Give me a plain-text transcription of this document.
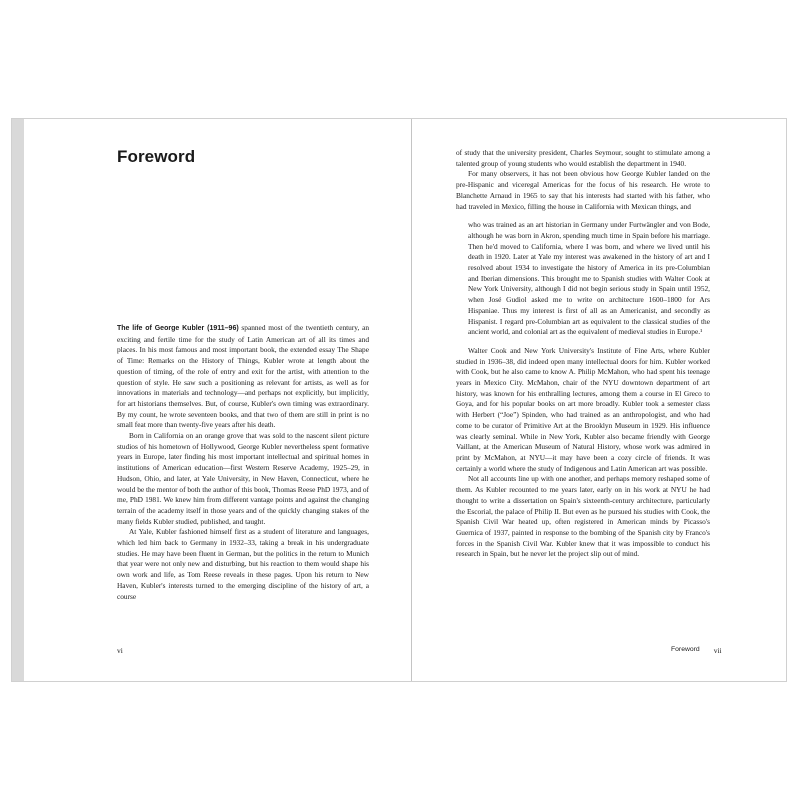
Foreword

The life of George Kubler (1911–96) spanned most of the twentieth century, an exciting and fertile time for the study of Latin American art of all its times and places. In his most famous and most important book, the extended essay The Shape of Time: Remarks on the History of Things, Kubler wrote at length about the question of timing, of the role of entry and exit for the artist, with attention to the question of style. He saw such a positioning as relevant for artists, as well as for innovations in materials and technology—and perhaps not explicitly, but implicitly, for art historians themselves. But, of course, Kubler's own timing was extraordinary. By my count, he wrote seventeen books, and that two of them are still in print is no small feat more than twenty-five years after his death.

Born in California on an orange grove that was sold to the nascent silent picture studios of his hometown of Hollywood, George Kubler nevertheless spent formative years in Europe, later finding his most important intellectual and spiritual homes in institutions of American education—first Western Reserve Academy, 1925–29, in Hudson, Ohio, and later, at Yale University, in New Haven, Connecticut, where he would be the mentor of both the author of this book, Thomas Reese PhD 1973, and of me, PhD 1981. We knew him from different vantage points and against the changing terrain of the academy itself in those years and of the quickly changing stakes of the many fields Kubler studied, published, and taught.

At Yale, Kubler fashioned himself first as a student of literature and languages, which led him back to Germany in 1932–33, taking a break in his undergraduate studies. He may have been fluent in German, but the politics in the return to Munich that year were not only new and disturbing, but his reaction to them would shape his own work and life, as Tom Reese reveals in these pages. Upon his return to New Haven, Kubler's interests turned to the emerging discipline of the history of art, a course

vi

of study that the university president, Charles Seymour, sought to stimulate among a talented group of young students who would establish the department in 1940.

For many observers, it has not been obvious how George Kubler landed on the pre-Hispanic and viceregal Americas for the focus of his research. He wrote to Blanchette Arnaud in 1965 to say that his interests had started with his father, who had traveled in Mexico, filling the house in California with Mexican things, and

who was trained as an art historian in Germany under Furtwängler and von Bode, although he was born in Akron, spending much time in Spain before his marriage. Then he'd moved to California, where I was born, and where we lived until his death in 1920. Later at Yale my interest was awakened in the history of art and I resolved about 1934 to investigate the history of America in its pre-Columbian and Iberian dimensions. This brought me to Spanish studies with Walter Cook at New York University, although I did not begin serious study in Spain until 1952, when José Gudiol asked me to write on architecture 1600–1800 for Ars Hispaniae. Thus my interest is first of all as an Americanist, and secondly as Hispanist. I regard pre-Columbian art as equivalent to the classical studies of the ancient world, and colonial art as the equivalent of medieval studies in Europe.¹

Walter Cook and New York University's Institute of Fine Arts, where Kubler studied in 1936–38, did indeed open many intellectual doors for him. Kubler worked with Cook, but he also came to know A. Philip McMahon, who had spent his teenage years in Mexico City. McMahon, chair of the NYU downtown department of art history, was known for his enthralling lectures, among them a course in El Greco to Goya, and for his popular books on art more broadly. Kubler took a semester class with Herbert (“Joe”) Spinden, who had trained as an anthropologist, and who had come to be curator of Primitive Art at the Brooklyn Museum in 1929. His influence was clearly seminal. While in New York, Kubler also became friendly with George Vaillant, at the American Museum of Natural History, whose work was admired in print by McMahon, at NYU—it may have been a cozy circle of friends. It was certainly a world where the study of Indigenous and Latin American art was possible.

Not all accounts line up with one another, and perhaps memory reshaped some of them. As Kubler recounted to me years later, early on in his work at NYU he had thought to write a dissertation on Spain's sixteenth-century architecture, particularly the Escorial, the palace of Philip II. But even as he pursued his studies with Cook, the Spanish Civil War heated up, often registered in American minds by Picasso's Guernica of 1937, painted in response to the bombing of the Spanish city by Franco's forces in the Spanish Civil War. Kubler knew that it was impossible to conduct his research in Spain, but he never let the project slip out of mind.

Foreword vii
